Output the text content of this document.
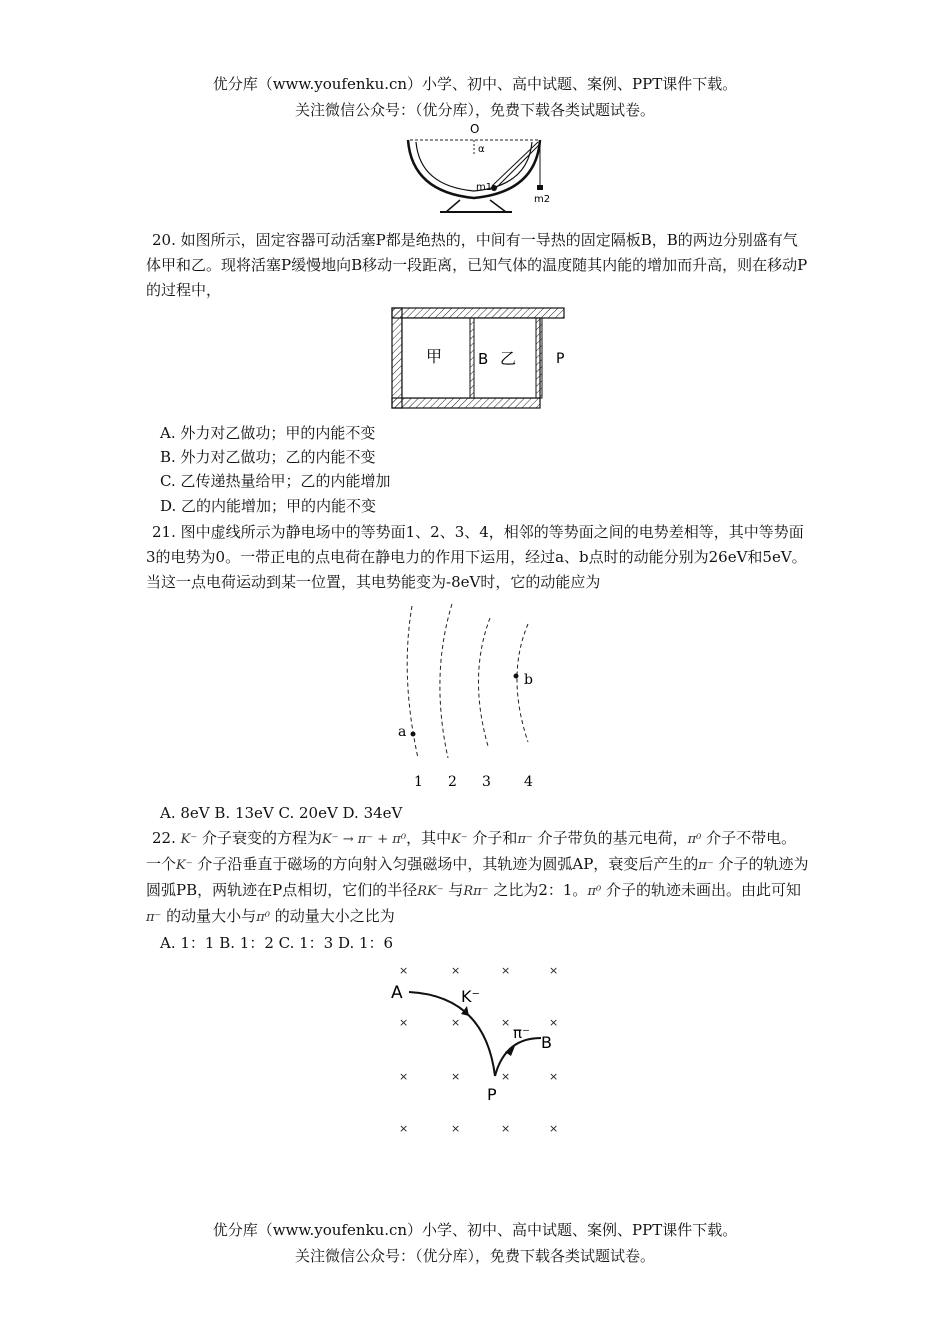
优分库（www.youfenku.cn）小学、初中、高中试题、案例、PPT课件下载。
关注微信公众号：（优分库），免费下载各类试题试卷。
O
α
m1
m2
20. 如图所示，固定容器可动活塞P都是绝热的，中间有一导热的固定隔板B，B的两边分别盛有气体甲和乙。现将活塞P缓慢地向B移动一段距离，已知气体的温度随其内能的增加而升高，则在移动P的过程中，
甲 B 乙	P
A. 外力对乙做功；甲的内能不变
B. 外力对乙做功；乙的内能不变
C. 乙传递热量给甲；乙的内能增加
D. 乙的内能增加；甲的内能不变
21. 图中虚线所示为静电场中的等势面1、2、3、4，相邻的等势面之间的电势差相等，其中等势面3的电势为0。一带正电的点电荷在静电力的作用下运用，经过a、b点时的动能分别为26eV和5eV。当这一点电荷运动到某一位置，其电势能变为-8eV时，它的动能应为
a
b
1 2 3 4
A. 8eV B. 13eV C. 20eV D. 34eV
22. K⁻ 介子衰变的方程为K⁻ → π⁻ + π⁰，其中K⁻ 介子和π⁻ 介子带负的基元电荷，π⁰ 介子不带电。一个K⁻ 介子沿垂直于磁场的方向射入匀强磁场中，其轨迹为圆弧AP，衰变后产生的π⁻ 介子的轨迹为圆弧PB，两轨迹在P点相切，它们的半径RK⁻ 与Rπ⁻ 之比为2：1。π⁰ 介子的轨迹未画出。由此可知π⁻ 的动量大小与π⁰ 的动量大小之比为
A. 1：1 B. 1：2 C. 1：3 D. 1：6
×	×	×	×
×	×	×	×
×	×	×	×
×	×	×	×
A	K⁻
π⁻ B
P
优分库（www.youfenku.cn）小学、初中、高中试题、案例、PPT课件下载。
关注微信公众号：（优分库），免费下载各类试题试卷。
